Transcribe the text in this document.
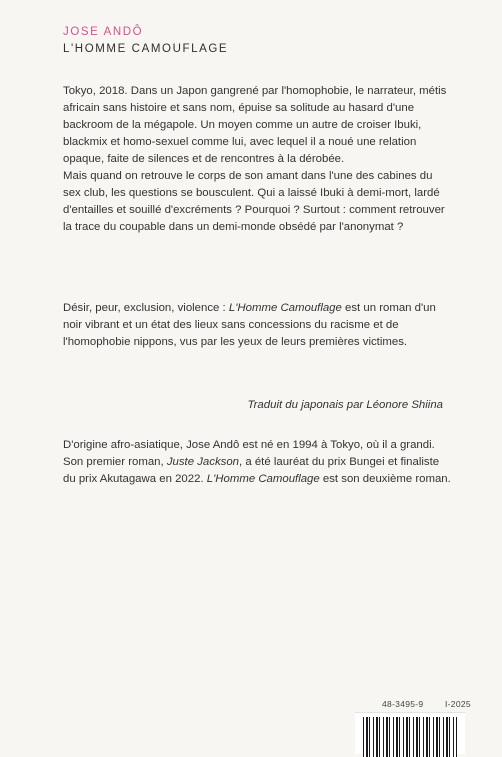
JOSE ANDÔ
L'HOMME CAMOUFLAGE

Tokyo, 2018. Dans un Japon gangrené par l'homophobie, le narrateur, métis africain sans histoire et sans nom, épuise sa solitude au hasard d'une backroom de la mégapole. Un moyen comme un autre de croiser Ibuki, blackmix et homo-sexuel comme lui, avec lequel il a noué une relation opaque, faite de silences et de rencontres à la dérobée.

Mais quand on retrouve le corps de son amant dans l'une des cabines du sex club, les questions se bousculent. Qui a laissé Ibuki à demi-mort, lardé d'entailles et souillé d'excréments ? Pourquoi ? Surtout : comment retrouver la trace du coupable dans un demi-monde obsédé par l'anonymat ?

Désir, peur, exclusion, violence : L'Homme Camouflage est un roman d'un noir vibrant et un état des lieux sans concessions du racisme et de l'homophobie nippons, vus par les yeux de leurs premières victimes.

Traduit du japonais par Léonore Shiina

D'origine afro-asiatique, Jose Andô est né en 1994 à Tokyo, où il a grandi. Son premier roman, Juste Jackson, a été lauréat du prix Bungei et finaliste du prix Akutagawa en 2022. L'Homme Camouflage est son deuxième roman.

48-3495-9	I-2025
